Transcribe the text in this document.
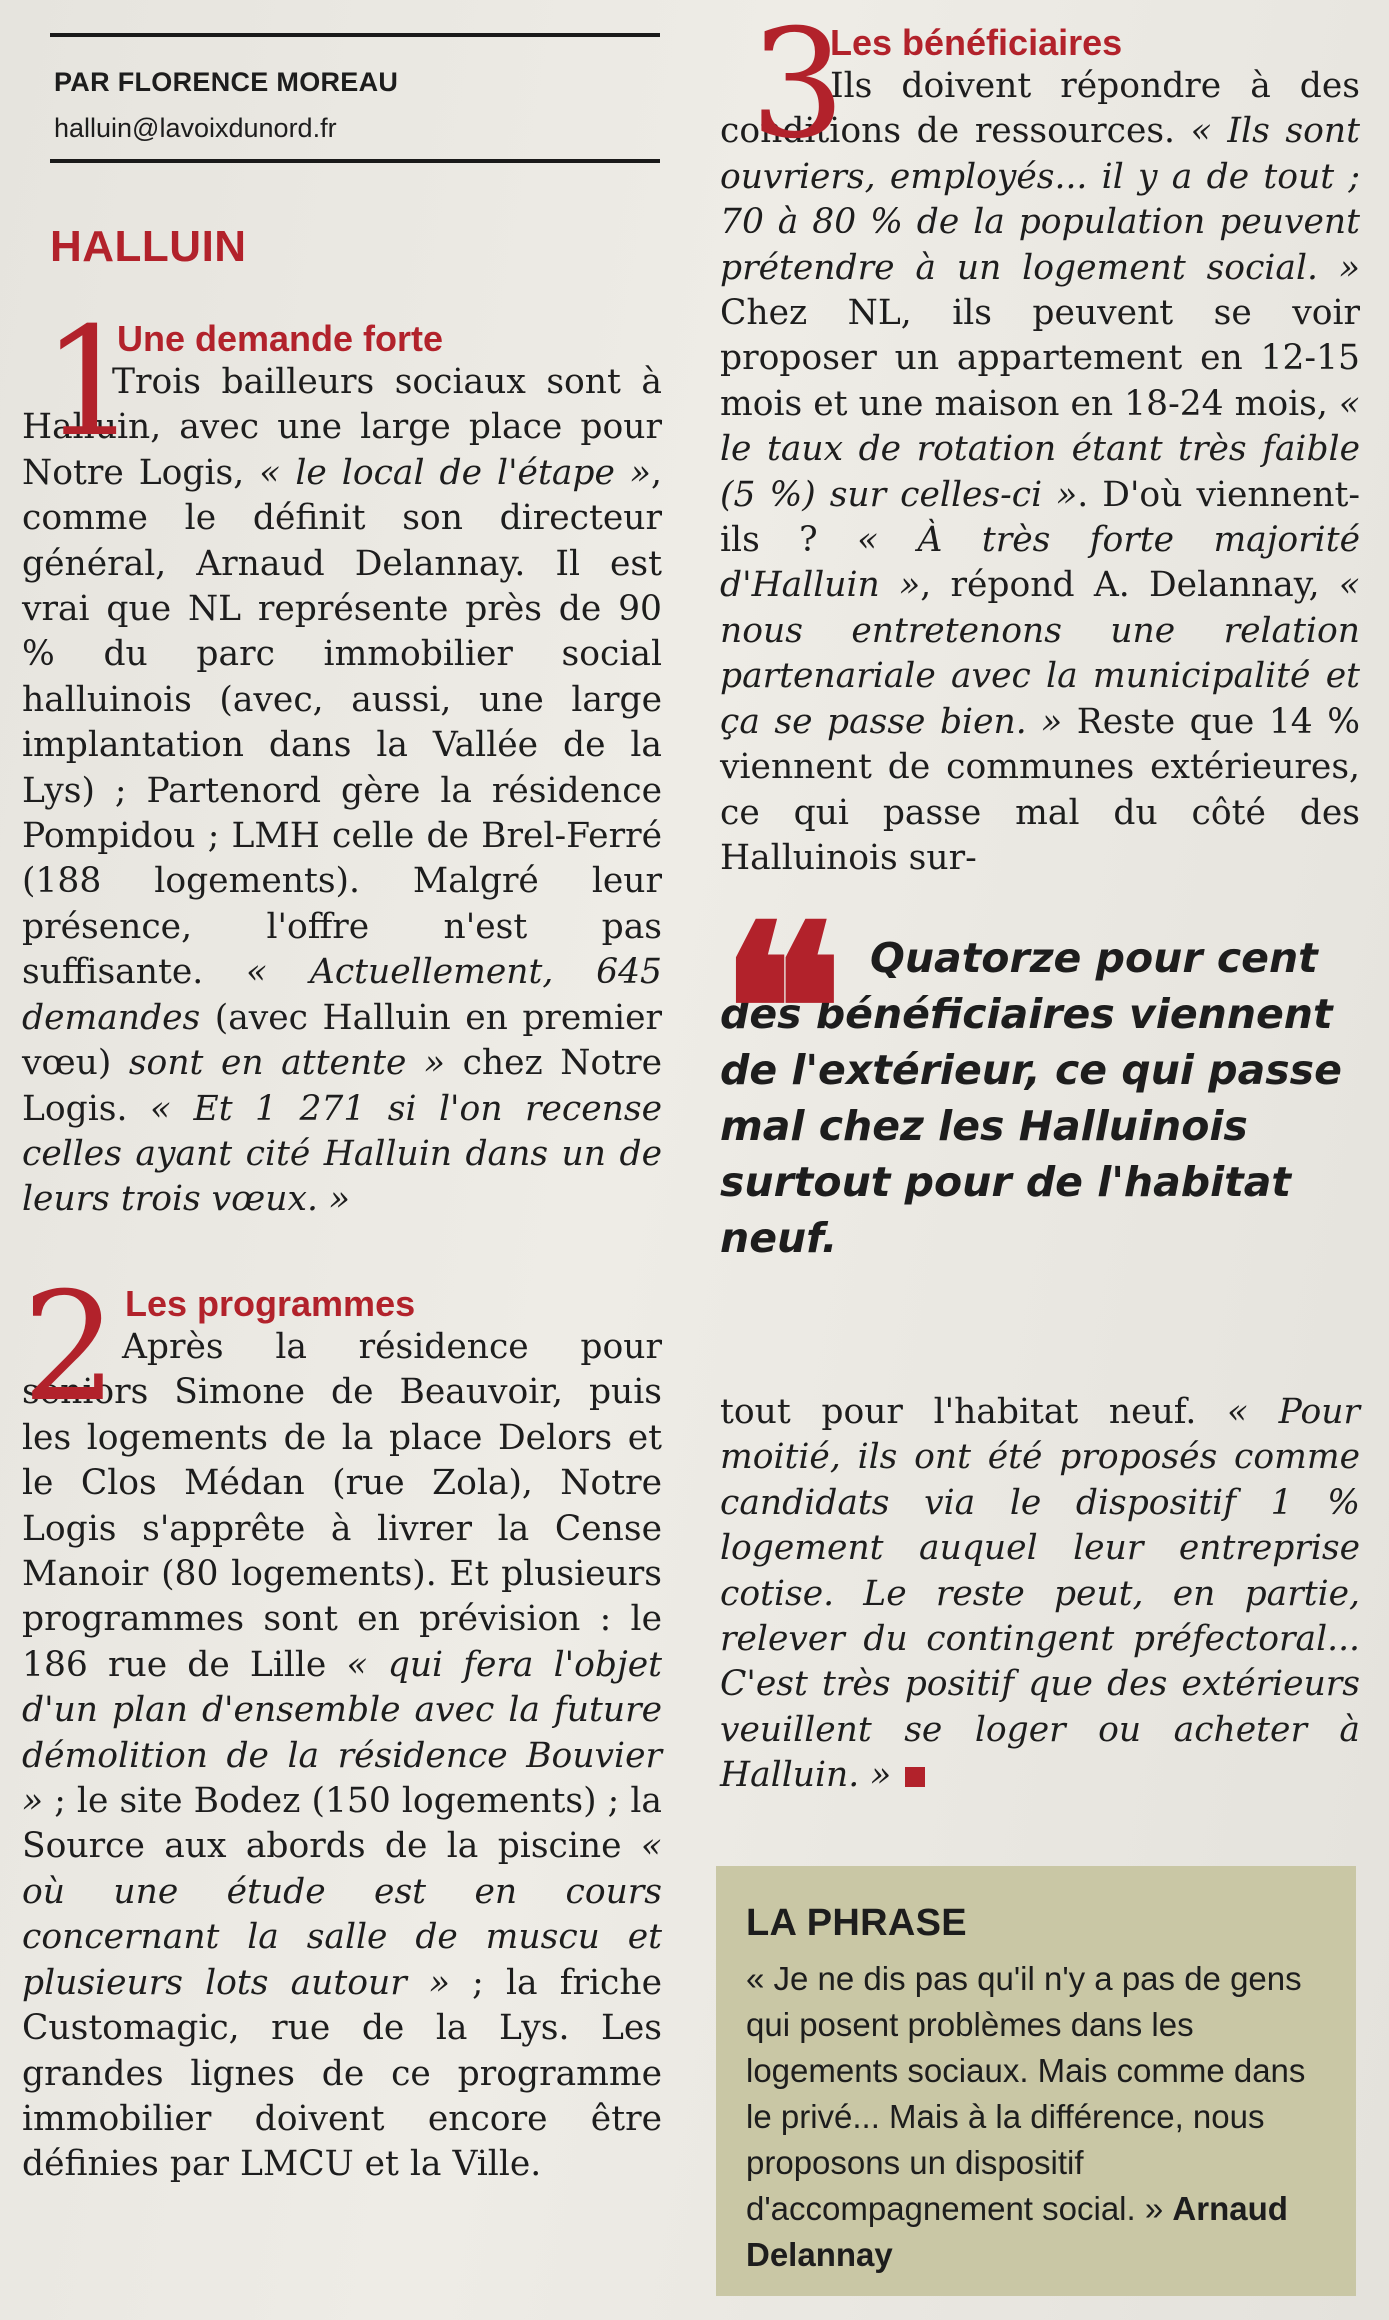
PAR FLORENCE MOREAU
halluin@lavoixdunord.fr
HALLUIN
1
Une demande forte

Trois bailleurs sociaux sont à Halluin, avec une large place pour Notre Logis, « le local de l'étape », comme le définit son directeur général, Arnaud Delannay. Il est vrai que NL représente près de 90 % du parc immobilier social halluinois (avec, aussi, une large implantation dans la Vallée de la Lys) ; Partenord gère la résidence Pompidou ; LMH celle de Brel-Ferré (188 logements). Malgré leur présence, l'offre n'est pas suffisante. « Actuellement, 645 demandes (avec Halluin en premier vœu) sont en attente » chez Notre Logis. « Et 1 271 si l'on recense celles ayant cité Halluin dans un de leurs trois vœux. »

2 Les programmes

Après la résidence pour seniors Simone de Beauvoir, puis les logements de la place Delors et le Clos Médan (rue Zola), Notre Logis s'apprête à livrer la Cense Manoir (80 logements). Et plusieurs programmes sont en prévision : le 186 rue de Lille « qui fera l'objet d'un plan d'ensemble avec la future démolition de la résidence Bouvier » ; le site Bodez (150 logements) ; la Source aux abords de la piscine « où une étude est en cours concernant la salle de muscu et plusieurs lots autour » ; la friche Customagic, rue de la Lys. Les grandes lignes de ce programme immobilier doivent encore être définies par LMCU et la Ville.

3
Les bénéficiaires

Ils doivent répondre à des conditions de ressources. « Ils sont ouvriers, employés... il y a de tout ; 70 à 80 % de la population peuvent prétendre à un logement social. » Chez NL, ils peuvent se voir proposer un appartement en 12-15 mois et une maison en 18-24 mois, « le taux de rotation étant très faible (5 %) sur celles-ci ». D'où viennent-ils ? « À très forte majorité d'Halluin », répond A. Delannay, « nous entretenons une relation partenariale avec la municipalité et ça se passe bien. » Reste que 14 % viennent de communes extérieures, ce qui passe mal du côté des Halluinois sur-

❝ Quatorze pour cent des bénéficiaires viennent de l'extérieur, ce qui passe mal chez les Halluinois surtout pour de l'habitat neuf.

tout pour l'habitat neuf. « Pour moitié, ils ont été proposés comme candidats via le dispositif 1 % logement auquel leur entreprise cotise. Le reste peut, en partie, relever du contingent préfectoral... C'est très positif que des extérieurs veuillent se loger ou acheter à Halluin. »

LA PHRASE

« Je ne dis pas qu'il n'y a pas de gens qui posent problèmes dans les logements sociaux. Mais comme dans le privé... Mais à la différence, nous proposons un dispositif d'accompagnement social. » Arnaud Delannay
